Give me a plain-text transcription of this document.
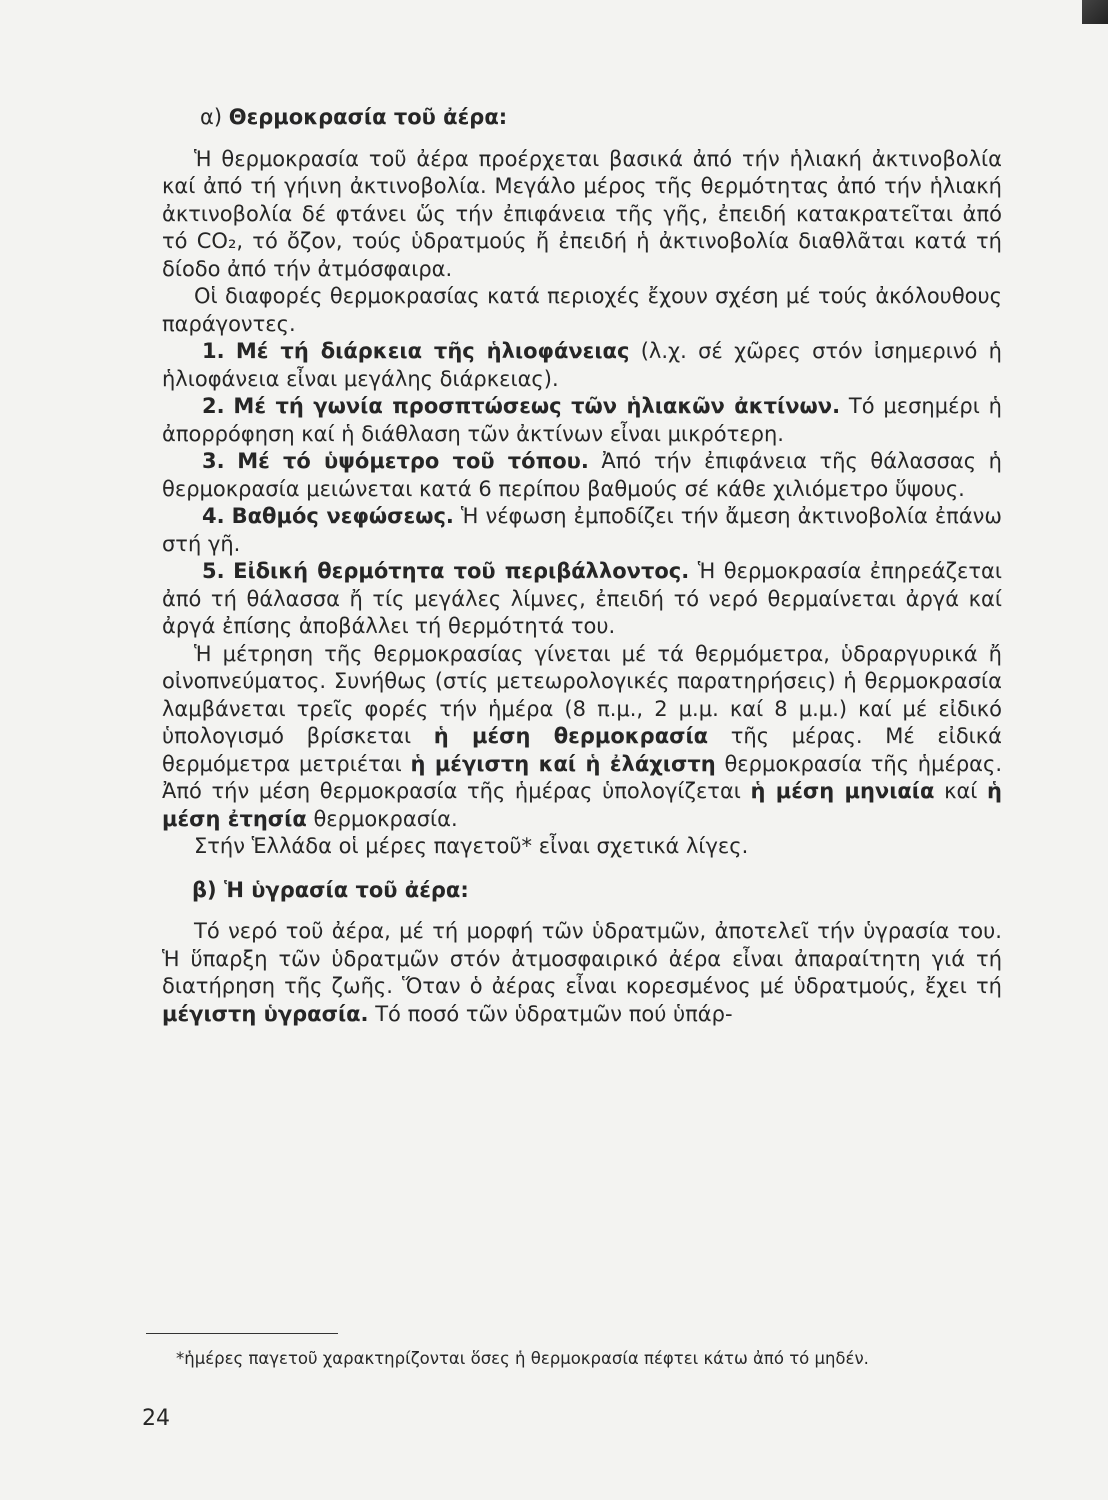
α) Θερμοκρασία τοῦ ἀέρα:

Ἡ θερμοκρασία τοῦ ἀέρα προέρχεται βασικά ἀπό τήν ἡλιακή ἀκτινοβολία καί ἀπό τή γήινη ἀκτινοβολία. Μεγάλο μέρος τῆς θερμότητας ἀπό τήν ἡλιακή ἀκτινοβολία δέ φτάνει ὥς τήν ἐπιφάνεια τῆς γῆς, ἐπειδή κατακρατεῖται ἀπό τό CO₂, τό ὄζον, τούς ὑδρατμούς ἤ ἐπειδή ἡ ἀκτινοβολία διαθλᾶται κατά τή δίοδο ἀπό τήν ἀτμόσφαιρα.

Οἱ διαφορές θερμοκρασίας κατά περιοχές ἔχουν σχέση μέ τούς ἀκόλουθους παράγοντες.

1. Μέ τή διάρκεια τῆς ἡλιοφάνειας (λ.χ. σέ χῶρες στόν ἰσημερινό ἡ ἡλιοφάνεια εἶναι μεγάλης διάρκειας).

2. Μέ τή γωνία προσπτώσεως τῶν ἡλιακῶν ἀκτίνων. Τό μεσημέρι ἡ ἀπορρόφηση καί ἡ διάθλαση τῶν ἀκτίνων εἶναι μικρότερη.

3. Μέ τό ὑψόμετρο τοῦ τόπου. Ἀπό τήν ἐπιφάνεια τῆς θάλασσας ἡ θερμοκρασία μειώνεται κατά 6 περίπου βαθμούς σέ κάθε χιλιόμετρο ὕψους.

4. Βαθμός νεφώσεως. Ἡ νέφωση ἐμποδίζει τήν ἄμεση ἀκτινοβολία ἐπάνω στή γῆ.

5. Εἰδική θερμότητα τοῦ περιβάλλοντος. Ἡ θερμοκρασία ἐπηρεάζεται ἀπό τή θάλασσα ἤ τίς μεγάλες λίμνες, ἐπειδή τό νερό θερμαίνεται ἀργά καί ἀργά ἐπίσης ἀποβάλλει τή θερμότητά του.

Ἡ μέτρηση τῆς θερμοκρασίας γίνεται μέ τά θερμόμετρα, ὑδραργυρικά ἤ οἰνοπνεύματος. Συνήθως (στίς μετεωρολογικές παρατηρήσεις) ἡ θερμοκρασία λαμβάνεται τρεῖς φορές τήν ἡμέρα (8 π.μ., 2 μ.μ. καί 8 μ.μ.) καί μέ εἰδικό ὑπολογισμό βρίσκεται ἡ μέση θερμοκρασία τῆς μέρας. Μέ εἰδικά θερμόμετρα μετριέται ἡ μέγιστη καί ἡ ἐλάχιστη θερμοκρασία τῆς ἡμέρας. Ἀπό τήν μέση θερμοκρασία τῆς ἡμέρας ὑπολογίζεται ἡ μέση μηνιαία καί ἡ μέση ἐτησία θερμοκρασία.

Στήν Ἑλλάδα οἱ μέρες παγετοῦ* εἶναι σχετικά λίγες.

β) Ἡ ὑγρασία τοῦ ἀέρα:

Τό νερό τοῦ ἀέρα, μέ τή μορφή τῶν ὑδρατμῶν, ἀποτελεῖ τήν ὑγρασία του. Ἡ ὕπαρξη τῶν ὑδρατμῶν στόν ἀτμοσφαιρικό ἀέρα εἶναι ἀπαραίτητη γιά τή διατήρηση τῆς ζωῆς. Ὅταν ὁ ἀέρας εἶναι κορεσμένος μέ ὑδρατμούς, ἔχει τή μέγιστη ὑγρασία. Τό ποσό τῶν ὑδρατμῶν πού ὑπάρ-

*ἡμέρες παγετοῦ χαρακτηρίζονται ὅσες ἡ θερμοκρασία πέφτει κάτω ἀπό τό μηδέν.
24
